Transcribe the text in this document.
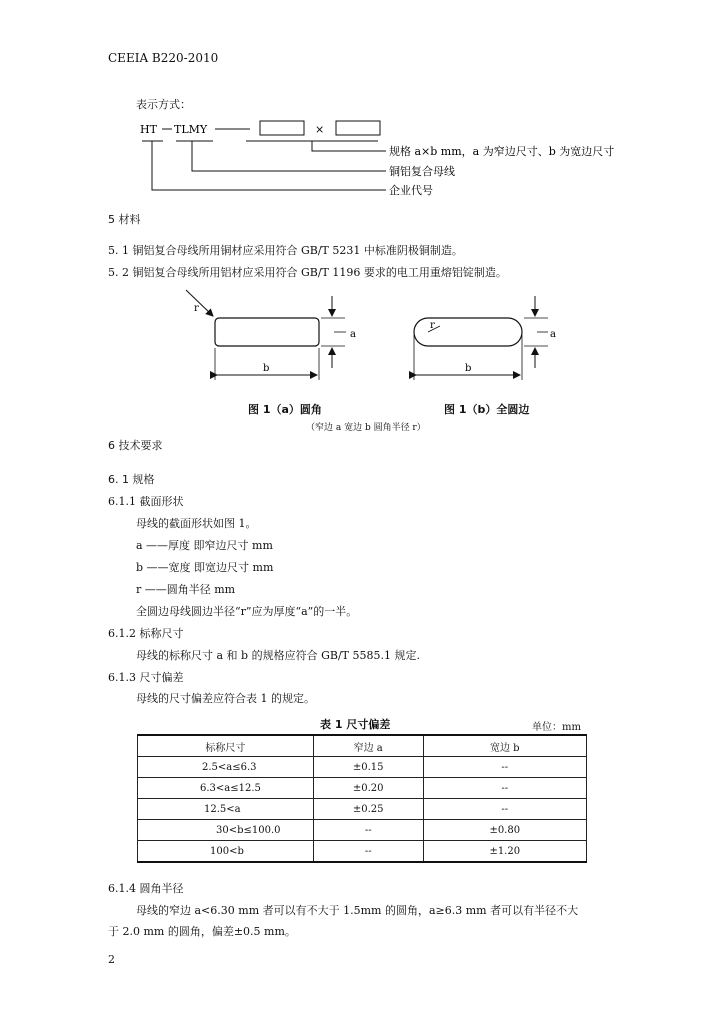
CEEIA B220-2010
表示方式：
HT TLMY	×
规格 a×b mm，a 为窄边尺寸、b 为宽边尺寸
铜铝复合母线
企业代号
5 材料
5. 1 铜铝复合母线所用铜材应采用符合 GB/T 5231 中标准阴极铜制造。
5. 2 铜铝复合母线所用铝材应采用符合 GB/T 1196 要求的电工用重熔铝锭制造。
r
a
b
r
a
b
图 1（a）圆角	图 1（b）全圆边
（窄边 a 宽边 b 圆角半径 r）
6 技术要求
6. 1 规格
6.1.1 截面形状
母线的截面形状如图 1。
a ——厚度 即窄边尺寸 mm
b ——宽度 即宽边尺寸 mm
r ——圆角半径 mm
全圆边母线圆边半径“r”应为厚度“a”的一半。
6.1.2 标称尺寸
母线的标称尺寸 a 和 b 的规格应符合 GB/T 5585.1 规定.
6.1.3 尺寸偏差
母线的尺寸偏差应符合表 1 的规定。
表 1 尺寸偏差	单位：mm
标称尺寸	窄边 a	宽边 b
2.5<a≤6.3	±0.15	--
6.3<a≤12.5	±0.20	--
12.5<a	±0.25	--
30<b≤100.0	--	±0.80
100<b	--	±1.20
6.1.4 圆角半径
母线的窄边 a<6.30 mm 者可以有不大于 1.5mm 的圆角，a≥6.3 mm 者可以有半径不大
于 2.0 mm 的圆角，偏差±0.5 mm。
2
